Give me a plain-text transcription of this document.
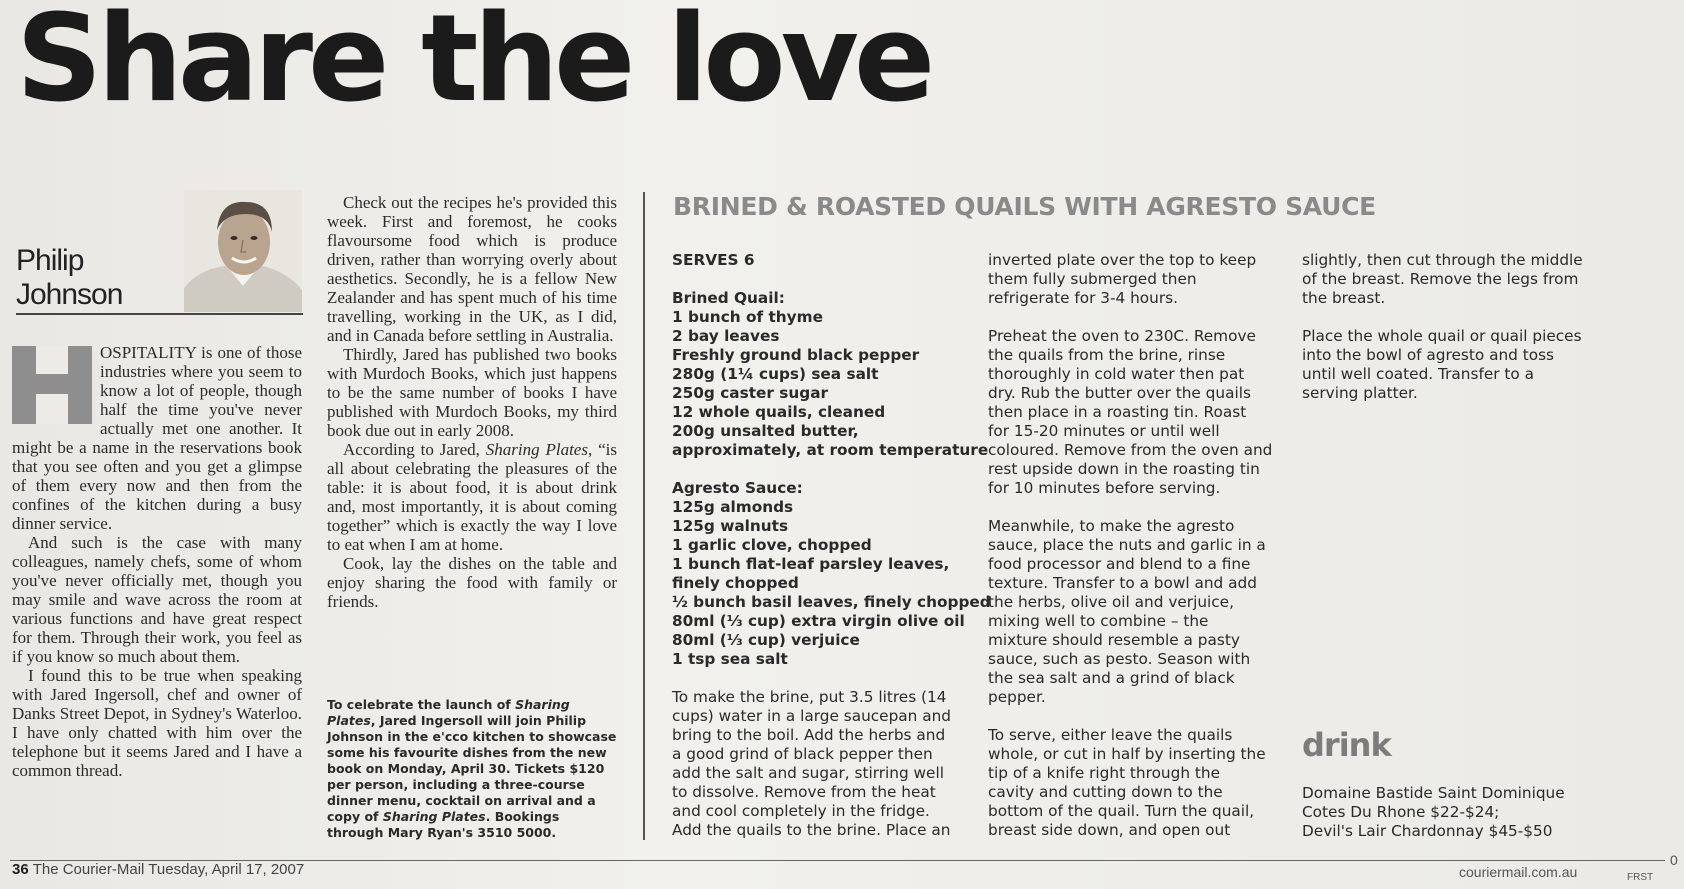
Share the love
Philip
Johnson

OSPITALITY is one of those industries where you seem to know a lot of people, though half the time you've never actually met one another. It might be a name in the reservations book that you see often and you get a glimpse of them every now and then from the confines of the kitchen during a busy dinner service.

And such is the case with many colleagues, namely chefs, some of whom you've never officially met, though you may smile and wave across the room at various functions and have great respect for them. Through their work, you feel as if you know so much about them.

I found this to be true when speaking with Jared Ingersoll, chef and owner of Danks Street Depot, in Sydney's Waterloo. I have only chatted with him over the telephone but it seems Jared and I have a common thread.

Check out the recipes he's provided this week. First and foremost, he cooks flavoursome food which is produce driven, rather than worrying overly about aesthetics. Secondly, he is a fellow New Zealander and has spent much of his time travelling, working in the UK, as I did, and in Canada before settling in Australia.

Thirdly, Jared has published two books with Murdoch Books, which just happens to be the same number of books I have published with Murdoch Books, my third book due out in early 2008.

According to Jared, Sharing Plates, “is all about celebrating the pleasures of the table: it is about food, it is about drink and, most importantly, it is about coming together” which is exactly the way I love to eat when I am at home.

Cook, lay the dishes on the table and enjoy sharing the food with family or friends.

To celebrate the launch of Sharing Plates, Jared Ingersoll will join Philip Johnson in the e'cco kitchen to showcase some his favourite dishes from the new book on Monday, April 30. Tickets $120 per person, including a three-course dinner menu, cocktail on arrival and a copy of Sharing Plates. Bookings through Mary Ryan's 3510 5000.
BRINED & ROASTED QUAILS WITH AGRESTO SAUCE

SERVES 6

Brined Quail:
1 bunch of thyme
2 bay leaves
Freshly ground black pepper
280g (1¼ cups) sea salt
250g caster sugar
12 whole quails, cleaned
200g unsalted butter,
approximately, at room temperature

Agresto Sauce:
125g almonds
125g walnuts
1 garlic clove, chopped
1 bunch flat-leaf parsley leaves,
finely chopped
½ bunch basil leaves, finely chopped
80ml (⅓ cup) extra virgin olive oil
80ml (⅓ cup) verjuice
1 tsp sea salt

To make the brine, put 3.5 litres (14
cups) water in a large saucepan and
bring to the boil. Add the herbs and
a good grind of black pepper then
add the salt and sugar, stirring well
to dissolve. Remove from the heat
and cool completely in the fridge.
Add the quails to the brine. Place an

inverted plate over the top to keep
them fully submerged then
refrigerate for 3-4 hours.

Preheat the oven to 230C. Remove
the quails from the brine, rinse
thoroughly in cold water then pat
dry. Rub the butter over the quails
then place in a roasting tin. Roast
for 15-20 minutes or until well
coloured. Remove from the oven and
rest upside down in the roasting tin
for 10 minutes before serving.

Meanwhile, to make the agresto
sauce, place the nuts and garlic in a
food processor and blend to a fine
texture. Transfer to a bowl and add
the herbs, olive oil and verjuice,
mixing well to combine – the
mixture should resemble a pasty
sauce, such as pesto. Season with
the sea salt and a grind of black
pepper.

To serve, either leave the quails
whole, or cut in half by inserting the
tip of a knife right through the
cavity and cutting down to the
bottom of the quail. Turn the quail,
breast side down, and open out

slightly, then cut through the middle
of the breast. Remove the legs from
the breast.

Place the whole quail or quail pieces
into the bowl of agresto and toss
until well coated. Transfer to a
serving platter.

drink
Domaine Bastide Saint Dominique
Cotes Du Rhone $22-$24;
Devil's Lair Chardonnay $45-$50
36 The Courier-Mail Tuesday, April 17, 2007	couriermail.com.au	FRST
0
